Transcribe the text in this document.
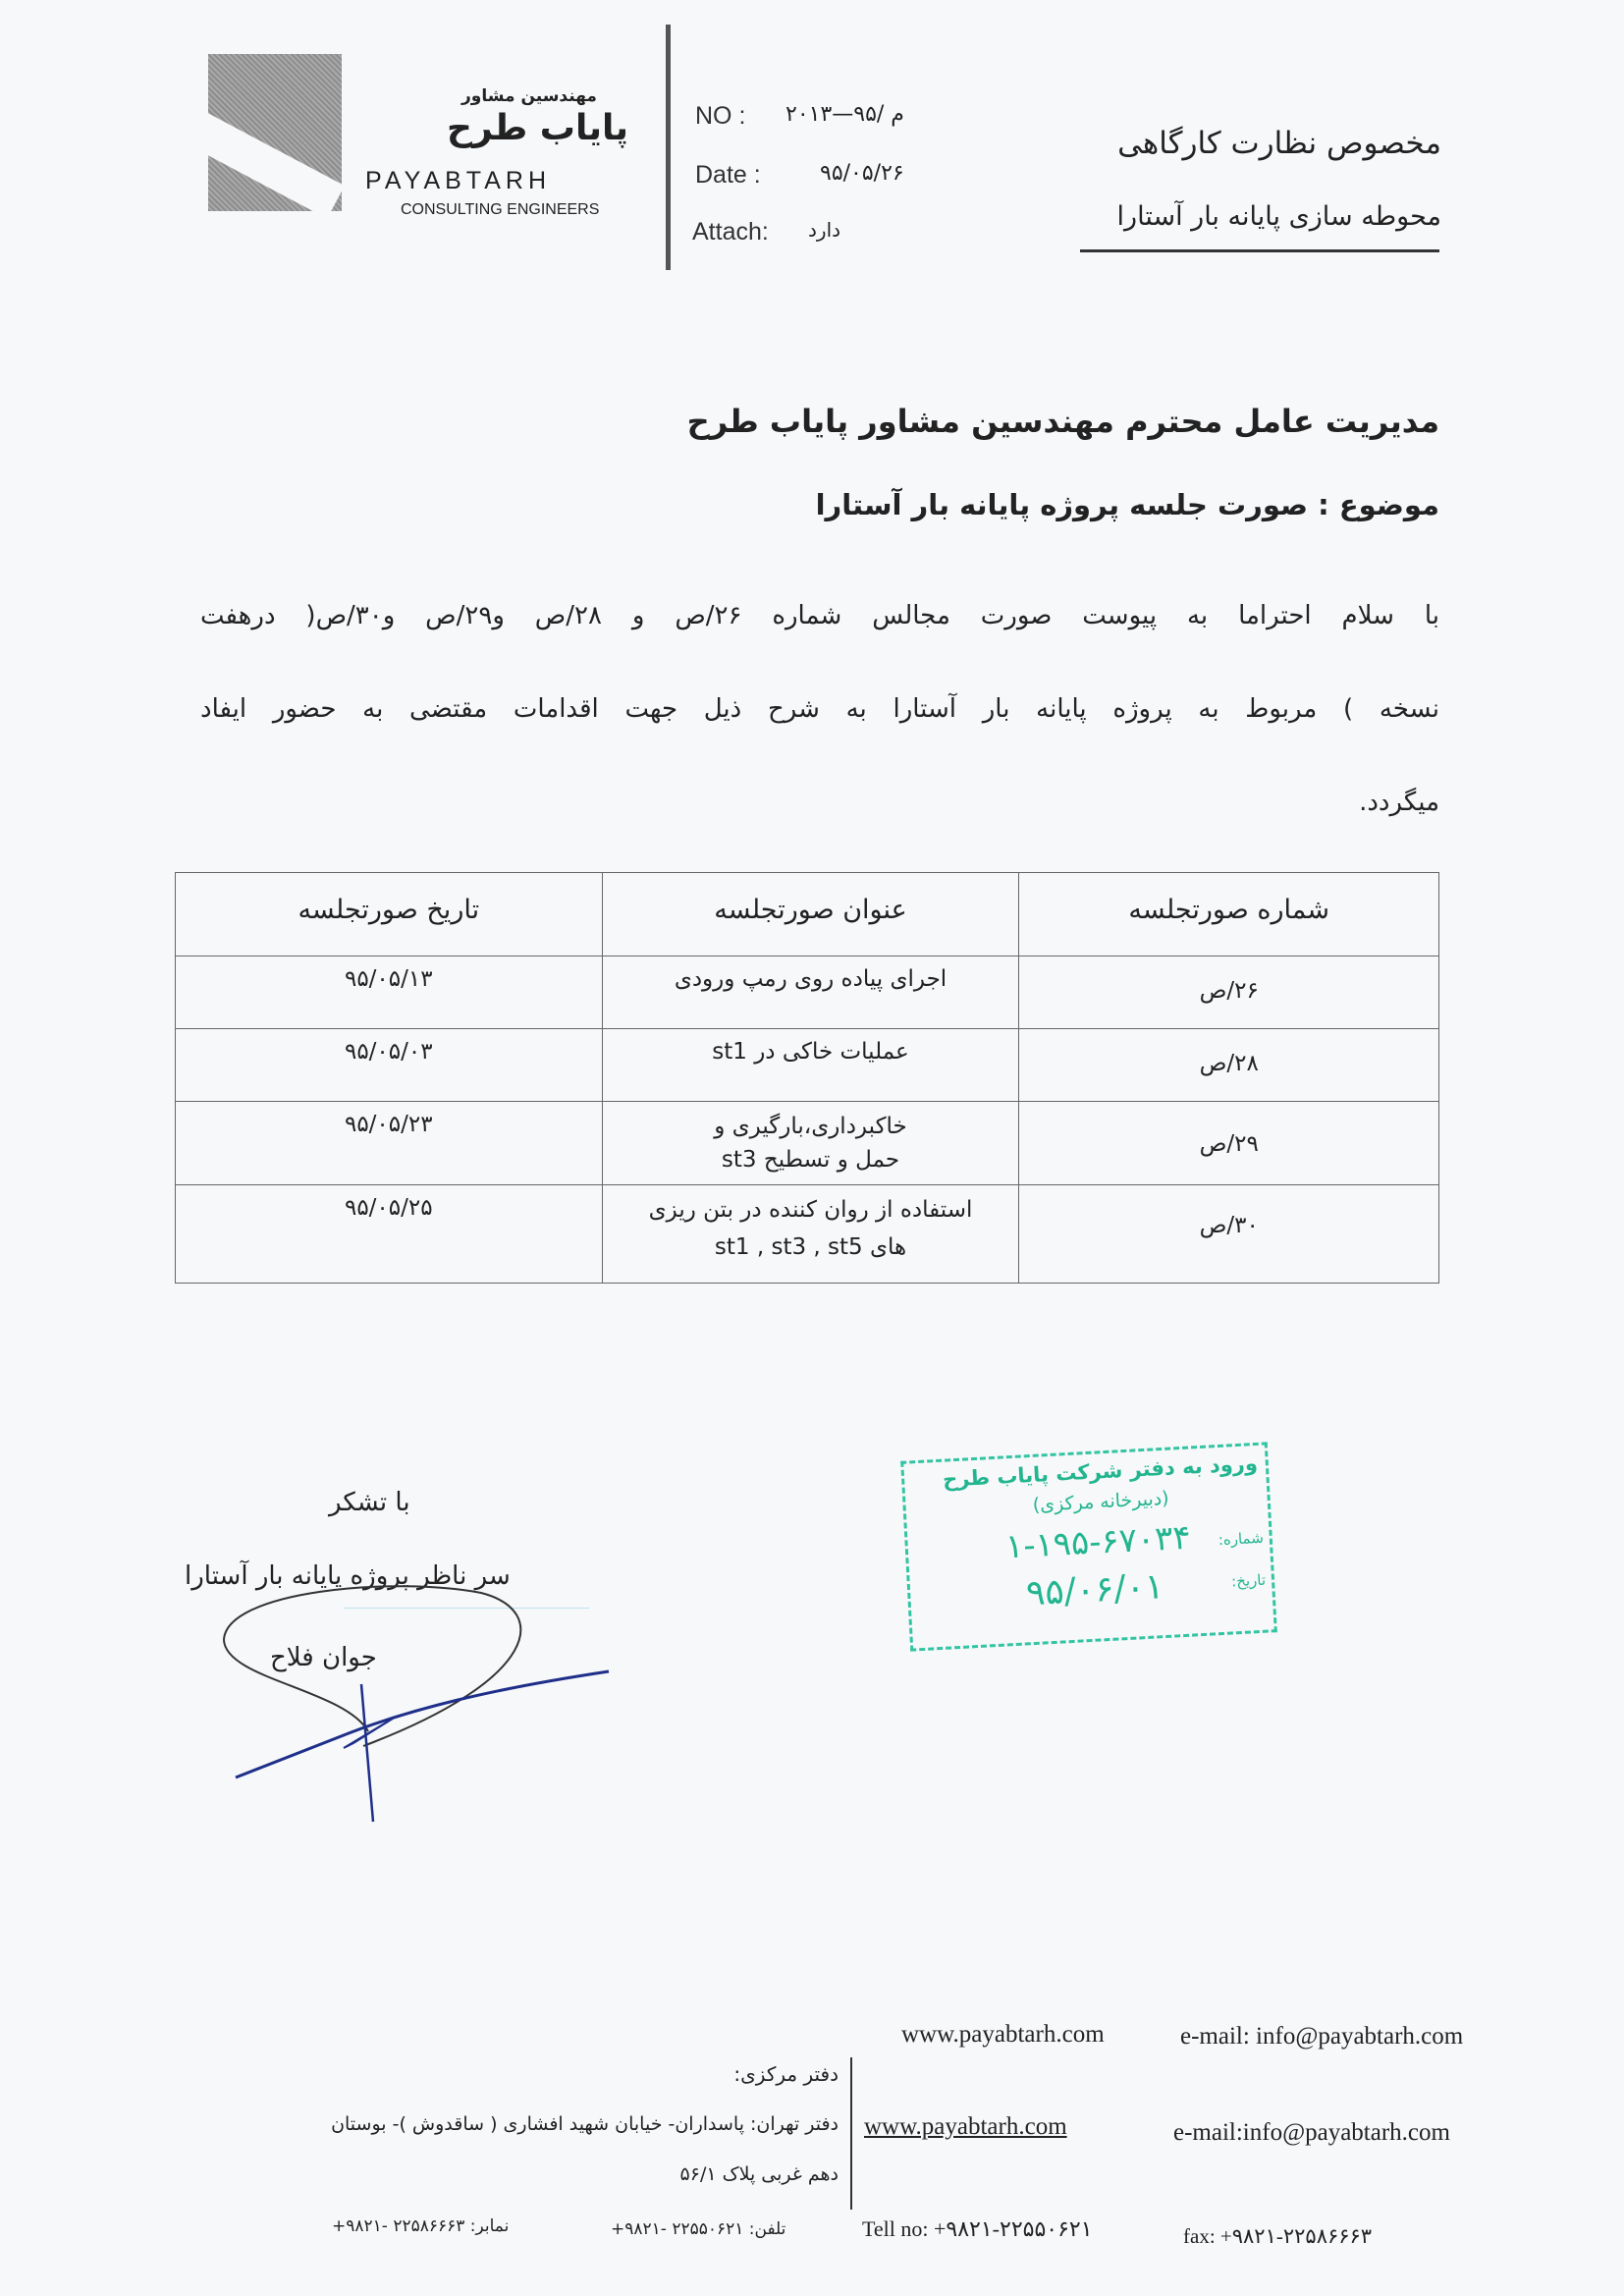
مهندسین مشاور
پایاب طرح
PAYABTARH
CONSULTING ENGINEERS
NO : م /۹۵—۲۰۱۳
Date :	۹۵/۰۵/۲۶
Attach: دارد
مخصوص نظارت کارگاهی
محوطه سازی پایانه بار آستارا
مدیریت عامل محترم مهندسین مشاور پایاب طرح
موضوع : صورت جلسه پروژه پایانه بار آستارا
با سلام احتراما به پیوست صورت مجالس شماره ۲۶/ص و ۲۸/ص و۲۹/ص و۳۰/ص( درهفت
نسخه ) مربوط به پروژه پایانه بار آستارا به شرح ذیل جهت اقدامات مقتضی به حضور ایفاد
میگردد.
شماره صورتجلسه	عنوان صورتجلسه	تاریخ صورتجلسه
۲۶/ص	اجرای پیاده روی رمپ ورودی	۹۵/۰۵/۱۳
۲۸/ص	عملیات خاکی در st1	۹۵/۰۵/۰۳
۲۹/ص	خاکبرداری،بارگیری و حمل و تسطیح st3	۹۵/۰۵/۲۳
۳۰/ص	استفاده از روان کننده در بتن ریزی های st1 , st3 , st5	۹۵/۰۵/۲۵
با تشکر
سر ناظر پروژه پایانه بار آستارا
جوان فلاح
ورود به دفتر شرکت پایاب طرح
(دبیرخانه مرکزی)
شماره:
۱-۱۹۵-۶۷۰۳۴
تاریخ:
۹۵/۰۶/۰۱
www.payabtarh.com	e-mail: info@payabtarh.com
دفتر مرکزی:
دفتر تهران: پاسداران- خیابان شهید افشاری ( ساقدوش )- بوستان
دهم غربی پلاک ۵۶/۱
www.payabtarh.com	e-mail:info@payabtarh.com
نمابر: ۲۲۵۸۶۶۶۳ -۹۸۲۱+	تلفن: ۲۲۵۵۰۶۲۱ -۹۸۲۱+	Tell no: +۹۸۲۱-۲۲۵۵۰۶۲۱	fax: +۹۸۲۱-۲۲۵۸۶۶۶۳
